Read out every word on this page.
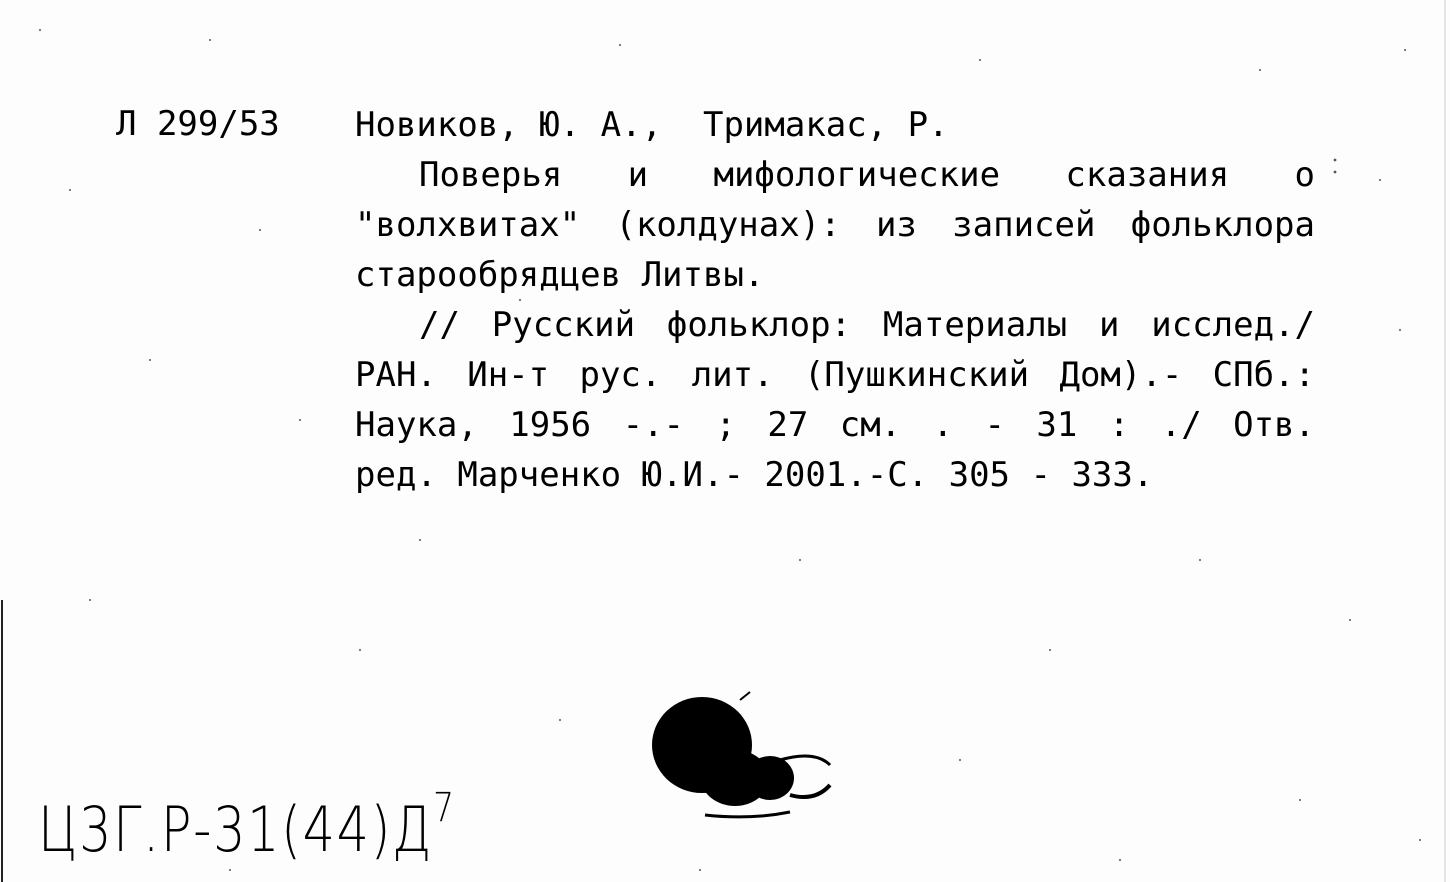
Л 299/53 Новиков, Ю. А.,  Тримакас, Р.
Поверья и мифологические сказания о
"волхвитах" (колдунах): из записей фольклора
старообрядцев Литвы.
// Русский фольклор: Материалы и исслед./
РАН. Ин-т рус. лит. (Пушкинский Дом).- СПб.:
Наука, 1956 -.- ; 27 см. . - 31 : ./ Отв.
ред. Марченко Ю.И.- 2001.-С. 305 - 333.
$Ц3Г.Р-31(44)Д^7$
